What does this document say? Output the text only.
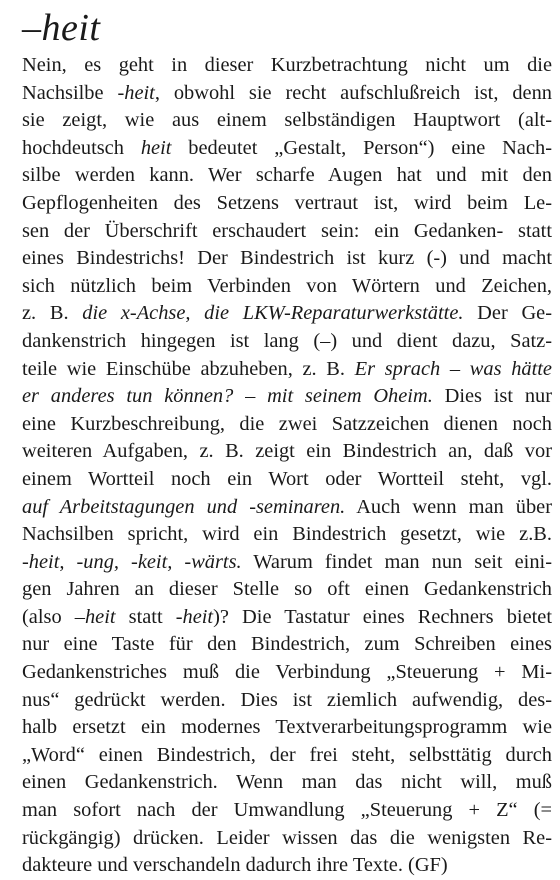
–heit
Nein, es geht in dieser Kurzbetrachtung nicht um die
Nachsilbe -heit, obwohl sie recht aufschlußreich ist, denn
sie zeigt, wie aus einem selbständigen Hauptwort (alt-
hochdeutsch heit bedeutet „Gestalt, Person“) eine Nach-
silbe werden kann. Wer scharfe Augen hat und mit den
Gepflogenheiten des Setzens vertraut ist, wird beim Le-
sen der Überschrift erschaudert sein: ein Gedanken- statt
eines Bindestrichs! Der Bindestrich ist kurz (-) und macht
sich nützlich beim Verbinden von Wörtern und Zeichen,
z. B. die x-Achse, die LKW-Reparaturwerkstätte. Der Ge-
dankenstrich hingegen ist lang (–) und dient dazu, Satz-
teile wie Einschübe abzuheben, z. B. Er sprach – was hätte
er anderes tun können? – mit seinem Oheim. Dies ist nur
eine Kurzbeschreibung, die zwei Satzzeichen dienen noch
weiteren Aufgaben, z. B. zeigt ein Bindestrich an, daß vor
einem Wortteil noch ein Wort oder Wortteil steht, vgl.
auf Arbeitstagungen und -seminaren. Auch wenn man über
Nachsilben spricht, wird ein Bindestrich gesetzt, wie z.B.
-heit, -ung, -keit, -wärts. Warum findet man nun seit eini-
gen Jahren an dieser Stelle so oft einen Gedankenstrich
(also –heit statt -heit)? Die Tastatur eines Rechners bietet
nur eine Taste für den Bindestrich, zum Schreiben eines
Gedankenstriches muß die Verbindung „Steuerung + Mi-
nus“ gedrückt werden. Dies ist ziemlich aufwendig, des-
halb ersetzt ein modernes Textverarbeitungsprogramm wie
„Word“ einen Bindestrich, der frei steht, selbsttätig durch
einen Gedankenstrich. Wenn man das nicht will, muß
man sofort nach der Umwandlung „Steuerung + Z“ (=
rückgängig) drücken. Leider wissen das die wenigsten Re-
dakteure und verschandeln dadurch ihre Texte. (GF)
